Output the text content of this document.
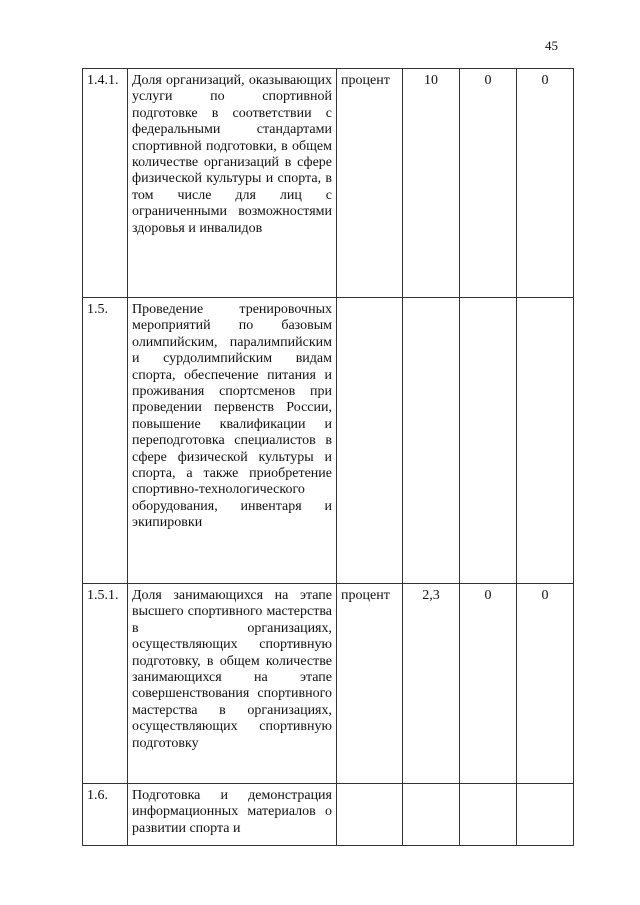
45
1.4.1.	Доля организаций, оказывающих услуги по спортивной подготовке в соответствии с федеральными стандартами спортивной подготовки, в общем количестве организаций в сфере физической культуры и спорта, в том числе для лиц с ограниченными возможностями здоровья и инвалидов	процент	10	0	0
1.5.	Проведение тренировочных мероприятий по базовым олимпийским, паралимпийским и сурдолимпийским видам спорта, обеспечение питания и проживания спортсменов при проведении первенств России, повышение квалификации и переподготовка специалистов в сфере физической культуры и спорта, а также приобретение спортивно-технологического оборудования, инвентаря и экипировки				
1.5.1.	Доля занимающихся на этапе высшего спортивного мастерства в организациях, осуществляющих спортивную подготовку, в общем количестве занимающихся на этапе совершенствования спортивного мастерства в организациях, осуществляющих спортивную подготовку	процент	2,3	0	0
1.6.	Подготовка и демонстрация информационных материалов о развитии спорта и				
